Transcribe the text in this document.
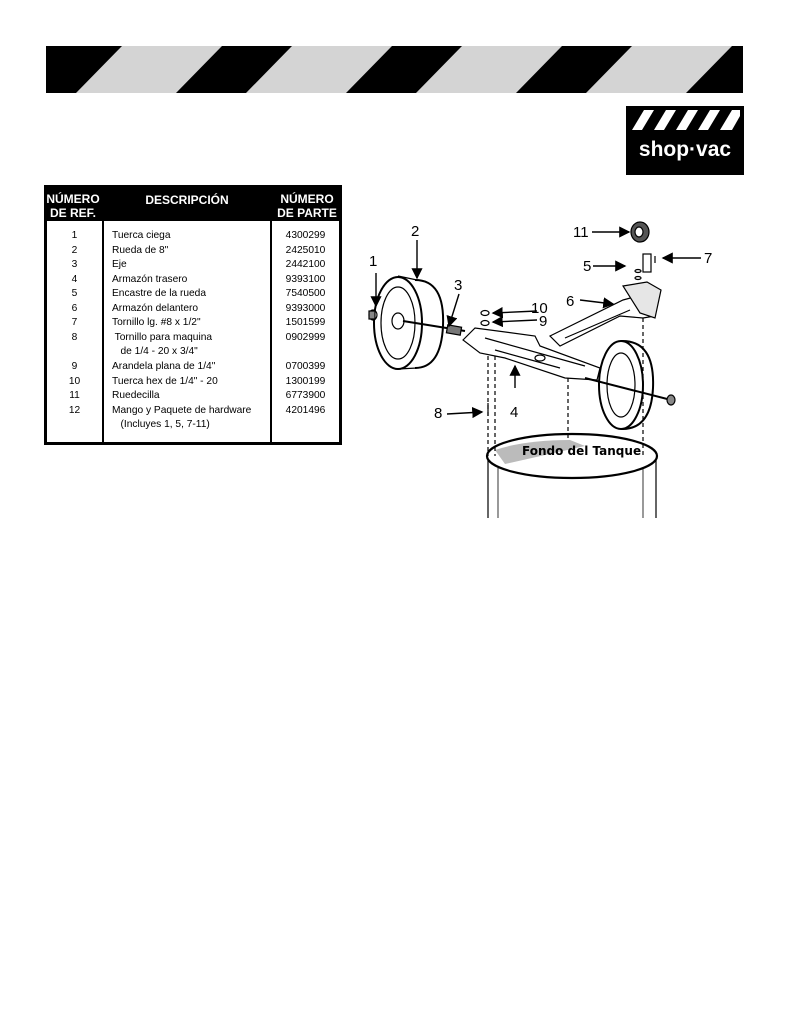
shop·vac
NÚMERO
DE REF.
DESCRIPCIÓN	NÚMERO
DE PARTE
1
2
3
4
5
6
7
8
9
10
11
12
Tuerca ciega
Rueda de 8"
Eje
Armazón trasero
Encastre de la rueda
Armazón delantero
Tornillo lg. #8 x 1/2"
Tornillo para maquina
de 1/4 - 20 x 3/4"
Arandela plana de 1/4"
Tuerca hex de 1/4" - 20
Ruedecilla
Mango y Paquete de hardware
(Incluyes 1, 5, 7-11)
4300299
2425010
2442100
9393100
7540500
9393000
1501599
0902999
0700399
1300199
6773900
4201496
1
2
3
4
5
6
7
8
9
10
11
Fondo del Tanque
